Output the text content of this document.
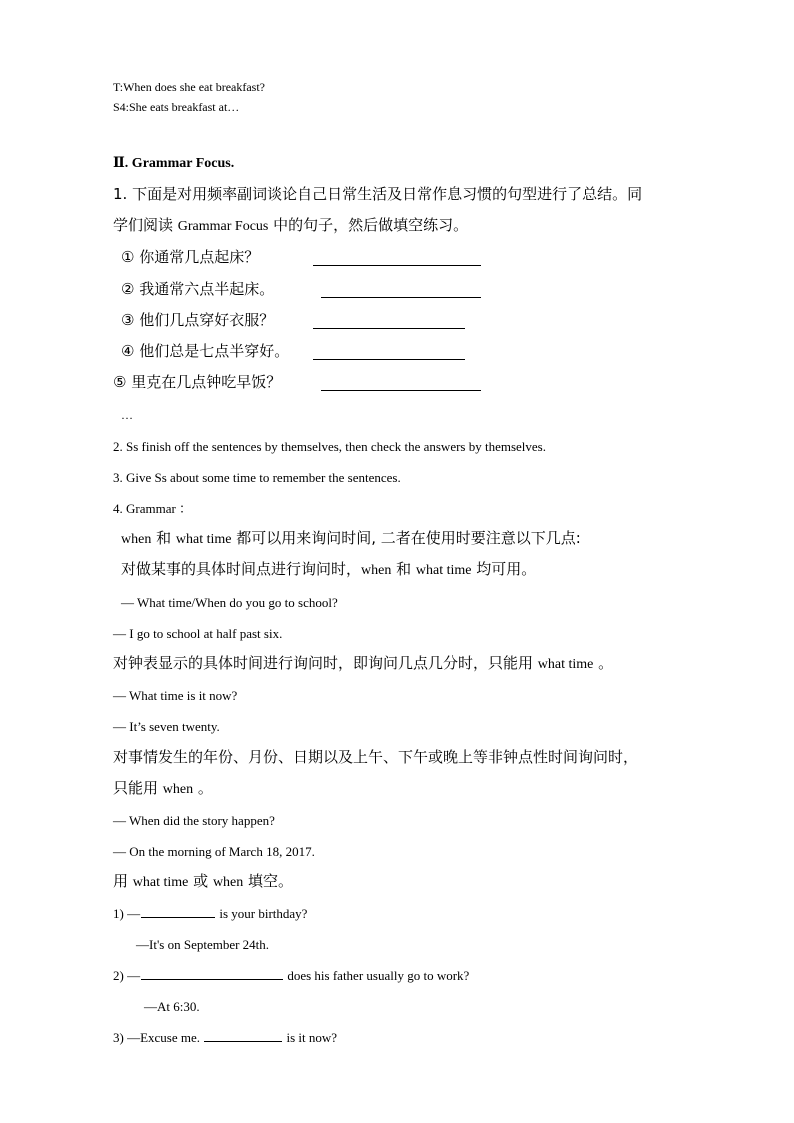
T:When does she eat breakfast?
S4:She eats breakfast at…
Ⅱ. Grammar Focus.
1. 下面是对用频率副词谈论自己日常生活及日常作息习惯的句型进行了总结。同
学们阅读 Grammar Focus 中的句子，然后做填空练习。
① 你通常几点起床？
② 我通常六点半起床。
③ 他们几点穿好衣服？
④ 他们总是七点半穿好。
⑤ 里克在几点钟吃早饭？
…
2. Ss finish off the sentences by themselves, then check the answers by themselves.
3. Give Ss about some time to remember the sentences.
4. Grammar ：
when 和 what time 都可以用来询问时间, 二者在使用时要注意以下几点:
对做某事的具体时间点进行询问时，when 和 what time 均可用。
— What time/When do you go to school?
— I go to school at half past six.
对钟表显示的具体时间进行询问时，即询问几点几分时，只能用 what time 。
— What time is it now?
— It’s seven twenty.
对事情发生的年份、月份、日期以及上午、下午或晚上等非钟点性时间询问时，
只能用 when 。
— When did the story happen?
— On the morning of March 18, 2017.
用 what time 或 when 填空。
1) —	is your birthday?
—It's on September 24th.
2) —	does his father usually go to work?
—At 6:30.
3) —Excuse me.	is it now?
